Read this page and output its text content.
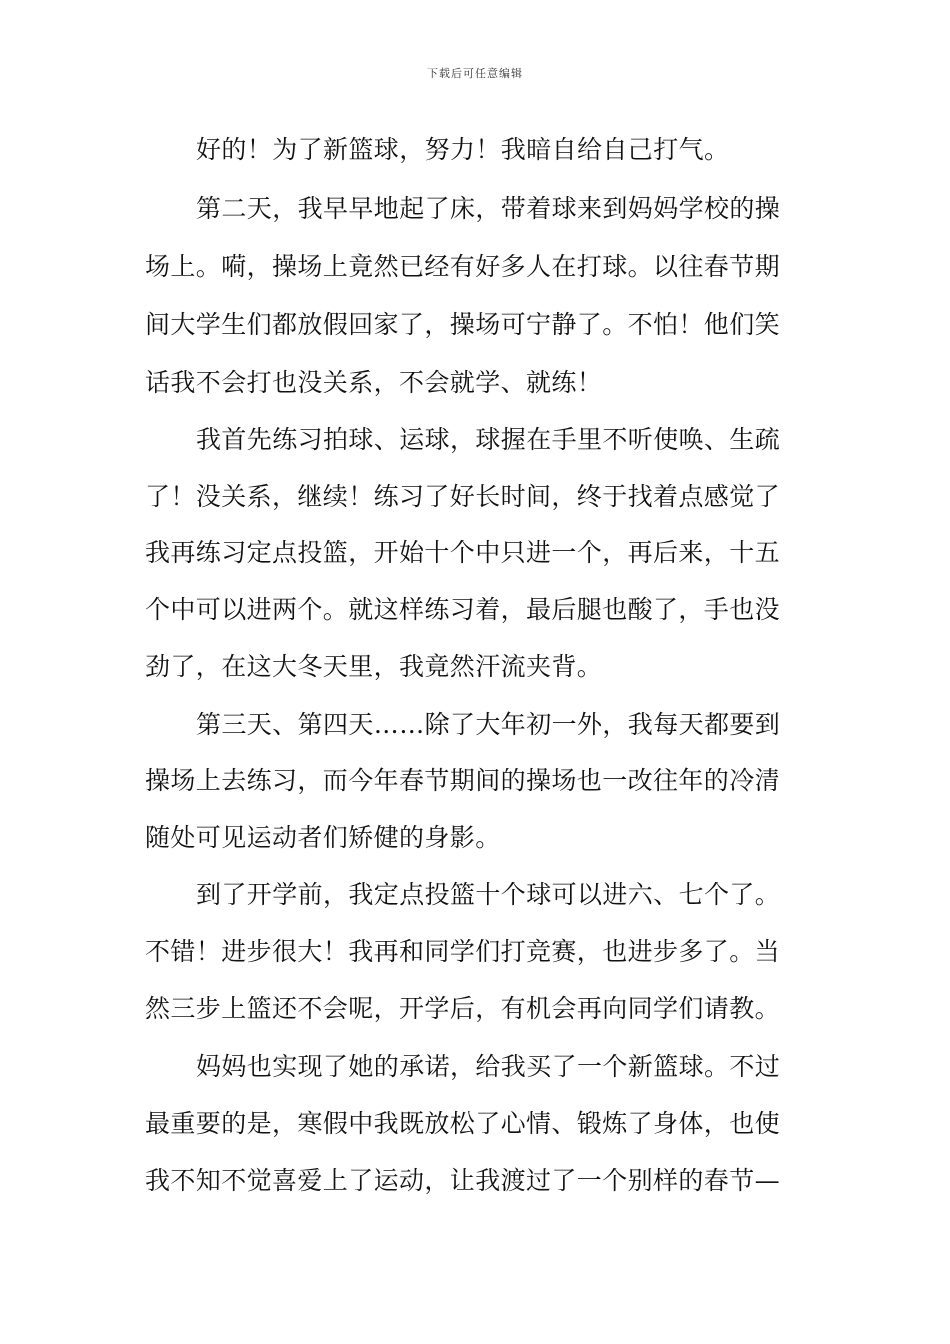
下载后可任意编辑
好的！为了新篮球，努力！我暗自给自己打气。
第二天，我早早地起了床，带着球来到妈妈学校的操
场上。嗬，操场上竟然已经有好多人在打球。以往春节期
间大学生们都放假回家了，操场可宁静了。不怕！他们笑
话我不会打也没关系，不会就学、就练！
我首先练习拍球、运球，球握在手里不听使唤、生疏
了！没关系，继续！练习了好长时间，终于找着点感觉了
我再练习定点投篮，开始十个中只进一个，再后来，十五
个中可以进两个。就这样练习着，最后腿也酸了，手也没
劲了，在这大冬天里，我竟然汗流夹背。
第三天、第四天……除了大年初一外，我每天都要到
操场上去练习，而今年春节期间的操场也一改往年的冷清
随处可见运动者们矫健的身影。
到了开学前，我定点投篮十个球可以进六、七个了。
不错！进步很大！我再和同学们打竞赛，也进步多了。当
然三步上篮还不会呢，开学后，有机会再向同学们请教。
妈妈也实现了她的承诺，给我买了一个新篮球。不过
最重要的是，寒假中我既放松了心情、锻炼了身体，也使
我不知不觉喜爱上了运动，让我渡过了一个别样的春节—
